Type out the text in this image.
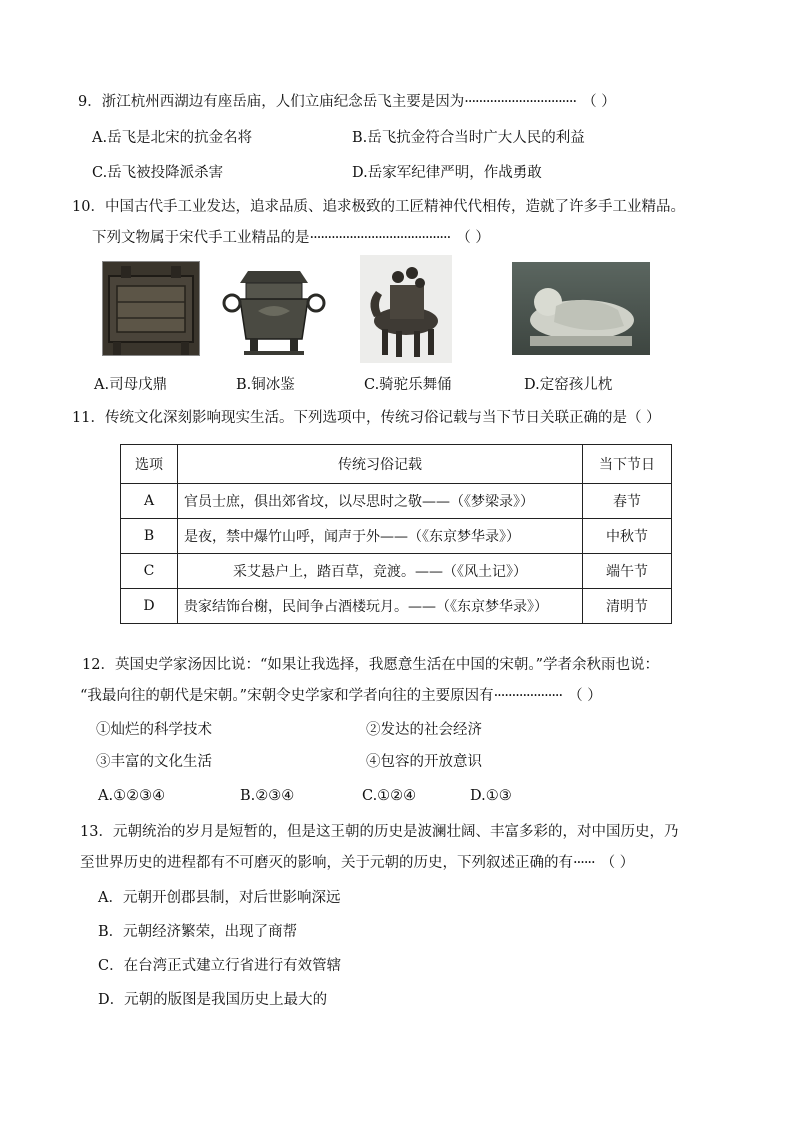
9．浙江杭州西湖边有座岳庙，人们立庙纪念岳飞主要是因为······························· （ ）
A.岳飞是北宋的抗金名将	B.岳飞抗金符合当时广大人民的利益
C.岳飞被投降派杀害	D.岳家军纪律严明，作战勇敢
10．中国古代手工业发达，追求品质、追求极致的工匠精神代代相传，造就了许多手工业精品。
下列文物属于宋代手工业精品的是······································· （ ）
A.司母戊鼎	B.铜冰鉴	C.骑驼乐舞俑	D.定窑孩儿枕
11．传统文化深刻影响现实生活。下列选项中，传统习俗记载与当下节日关联正确的是（ ）
选项	传统习俗记载	当下节日
A	官员士庶，俱出郊省坟，以尽思时之敬——（《梦梁录》）	春节
B	是夜，禁中爆竹山呼，闻声于外——（《东京梦华录》）	中秋节
C	采艾悬户上，踏百草，竞渡。——（《风土记》）	端午节
D	贵家结饰台榭，民间争占酒楼玩月。——（《东京梦华录》）	清明节
12．英国史学家汤因比说：“如果让我选择，我愿意生活在中国的宋朝。”学者余秋雨也说：
“我最向往的朝代是宋朝。”宋朝令史学家和学者向往的主要原因有··················· （ ）
①灿烂的科学技术	②发达的社会经济
③丰富的文化生活	④包容的开放意识
A.①②③④	B.②③④	C.①②④	D.①③
13．元朝统治的岁月是短暂的，但是这王朝的历史是波澜壮阔、丰富多彩的，对中国历史，乃
至世界历史的进程都有不可磨灭的影响，关于元朝的历史，下列叙述正确的有······ （ ）
A．元朝开创郡县制，对后世影响深远
B．元朝经济繁荣，出现了商帮
C．在台湾正式建立行省进行有效管辖
D．元朝的版图是我国历史上最大的
